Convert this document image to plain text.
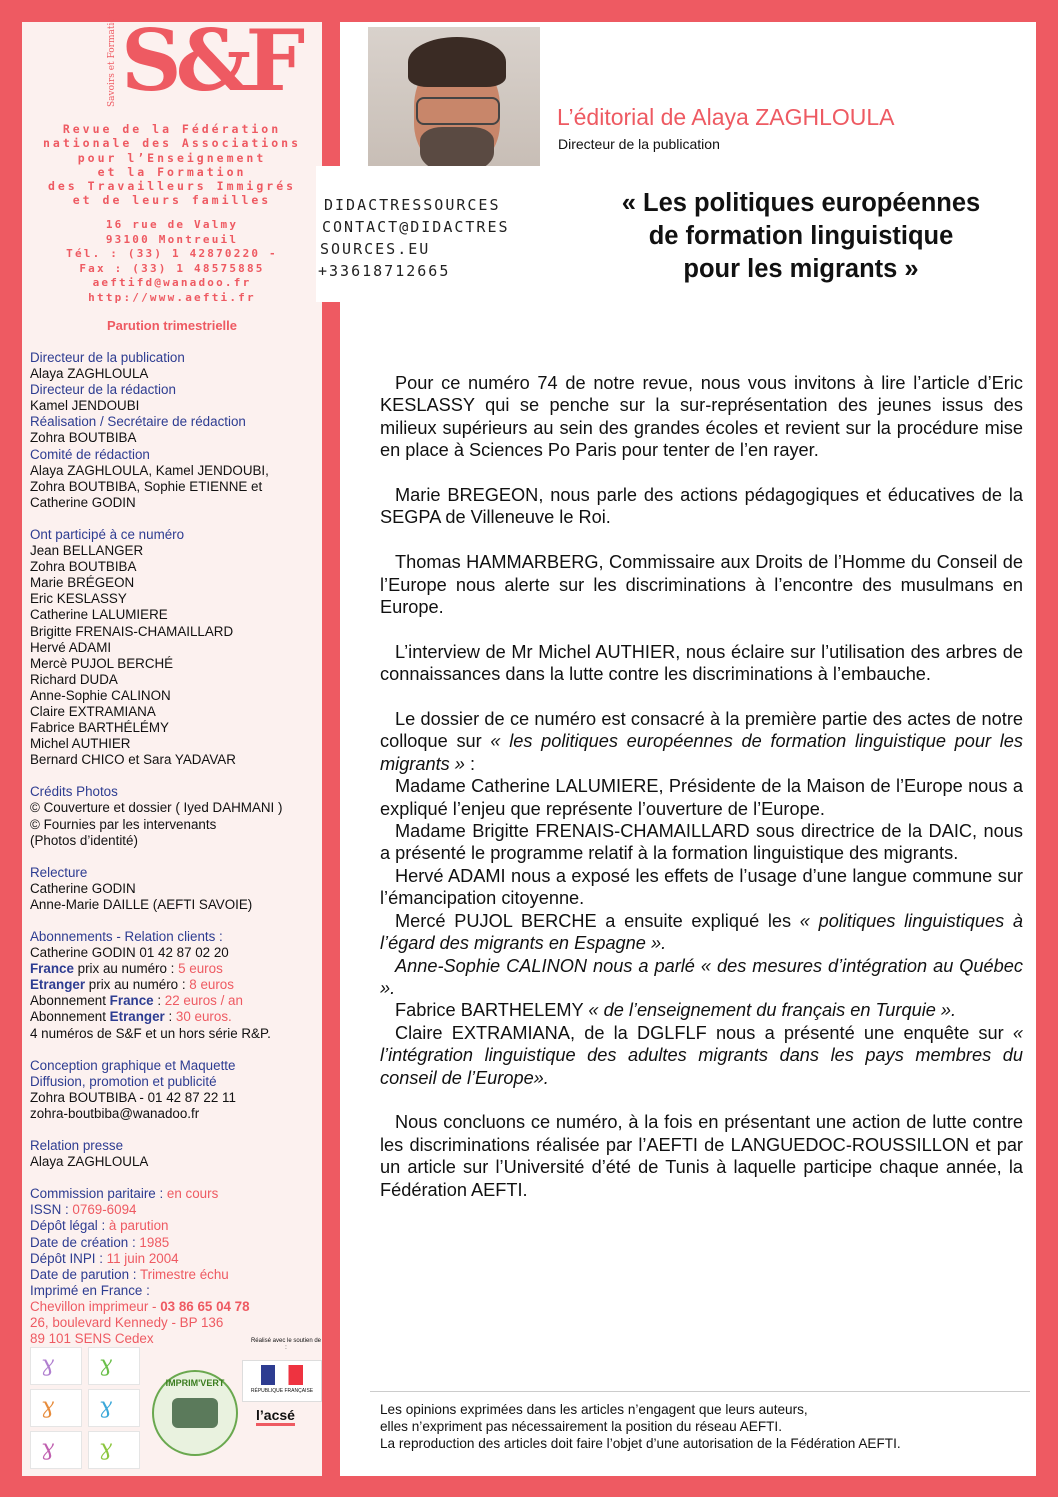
S&F
Savoirs et Formation
Revue de la Fédération
nationale des Associations
pour l’Enseignement
et la Formation
des Travailleurs Immigrés
et de leurs familles
16 rue de Valmy
93100 Montreuil
Tél. : (33) 1 42870220 -
Fax : (33) 1 48575885
aeftifd@wanadoo.fr
http://www.aefti.fr
Parution trimestrielle
Directeur de la publication
Alaya ZAGHLOULA
Directeur de la rédaction
Kamel JENDOUBI
Réalisation / Secrétaire de rédaction
Zohra BOUTBIBA
Comité de rédaction
Alaya ZAGHLOULA, Kamel JENDOUBI,
Zohra BOUTBIBA, Sophie ETIENNE et
Catherine GODIN
Ont participé à ce numéro
Jean BELLANGER
Zohra BOUTBIBA
Marie BRÉGEON
Eric KESLASSY
Catherine LALUMIERE
Brigitte FRENAIS-CHAMAILLARD
Hervé ADAMI
Mercè PUJOL BERCHÉ
Richard DUDA
Anne-Sophie CALINON
Claire EXTRAMIANA
Fabrice BARTHÉLÉMY
Michel AUTHIER
Bernard CHICO et Sara YADAVAR
Crédits Photos
© Couverture et dossier ( Iyed DAHMANI )
© Fournies par les intervenants
(Photos d’identité)
Relecture
Catherine GODIN
Anne-Marie DAILLE (AEFTI SAVOIE)
Abonnements - Relation clients :
Catherine GODIN 01 42 87 02 20
France prix au numéro : 5 euros
Etranger prix au numéro : 8 euros
Abonnement France : 22 euros / an
Abonnement Etranger : 30 euros.
4 numéros de S&F et un hors série R&P.
Conception graphique et Maquette
Diffusion, promotion et publicité
Zohra BOUTBIBA - 01 42 87 22 11
zohra-boutbiba@wanadoo.fr
Relation presse
Alaya ZAGHLOULA
Commission paritaire : en cours
ISSN : 0769-6094
Dépôt légal : à parution
Date de création : 1985
Dépôt INPI : 11 juin 2004
Date de parution : Trimestre échu
Imprimé en France :
Chevillon imprimeur - 03 86 65 04 78
26, boulevard Kennedy - BP 136
89 101 SENS Cedex
ɣ ɣ
ɣ ɣ
ɣ ɣ
IMPRIM'VERT
Réalisé avec le soutien de :
RÉPUBLIQUE FRANÇAISE
l’acsé

DIDACTRESSOURCES
CONTACT@DIDACTRES
SOURCES.EU
+33618712665
L’éditorial de Alaya ZAGHLOULA
Directeur de la publication
« Les politiques européennes
de formation linguistique
pour les migrants »

Pour ce numéro 74 de notre revue, nous vous invitons à lire l’article d’Eric KESLASSY qui se penche sur la sur-représentation des jeunes issus des milieux supérieurs au sein des grandes écoles et revient sur la procédure mise en place à Sciences Po Paris pour tenter de l’en rayer.

Marie BREGEON, nous parle des actions pédagogiques et éducatives de la SEGPA de Villeneuve le Roi.

Thomas HAMMARBERG, Commissaire aux Droits de l’Homme du Conseil de l’Europe nous alerte sur les discriminations à l’encontre des musulmans en Europe.

L’interview de Mr Michel AUTHIER, nous éclaire sur l’utilisation des arbres de connaissances dans la lutte contre les discriminations à l’embauche.

Le dossier de ce numéro est consacré à la première partie des actes de notre colloque sur « les politiques européennes de formation linguistique pour les migrants » :

Madame Catherine LALUMIERE, Présidente de la Maison de l’Europe nous a expliqué l’enjeu que représente l’ouverture de l’Europe.

Madame Brigitte FRENAIS-CHAMAILLARD sous directrice de la DAIC, nous a présenté le programme relatif à la formation linguistique des migrants.

Hervé ADAMI nous a exposé les effets de l’usage d’une langue commune sur l’émancipation citoyenne.

Mercé PUJOL BERCHE a ensuite expliqué les « politiques linguistiques à l’égard des migrants en Espagne ».

Anne-Sophie CALINON nous a parlé « des mesures d’intégration au Québec ».

Fabrice BARTHELEMY « de l’enseignement du français en Turquie ».

Claire EXTRAMIANA, de la DGLFLF nous a présenté une enquête sur « l’intégration linguistique des adultes migrants dans les pays membres du conseil de l’Europe».

Nous concluons ce numéro, à la fois en présentant une action de lutte contre les discriminations réalisée par l’AEFTI de LANGUEDOC-ROUSSILLON et par un article sur l’Université d’été de Tunis à laquelle participe chaque année, la Fédération AEFTI.

Les opinions exprimées dans les articles n’engagent que leurs auteurs,
elles n’expriment pas nécessairement la position du réseau AEFTI.
La reproduction des articles doit faire l’objet d’une autorisation de la Fédération AEFTI.
